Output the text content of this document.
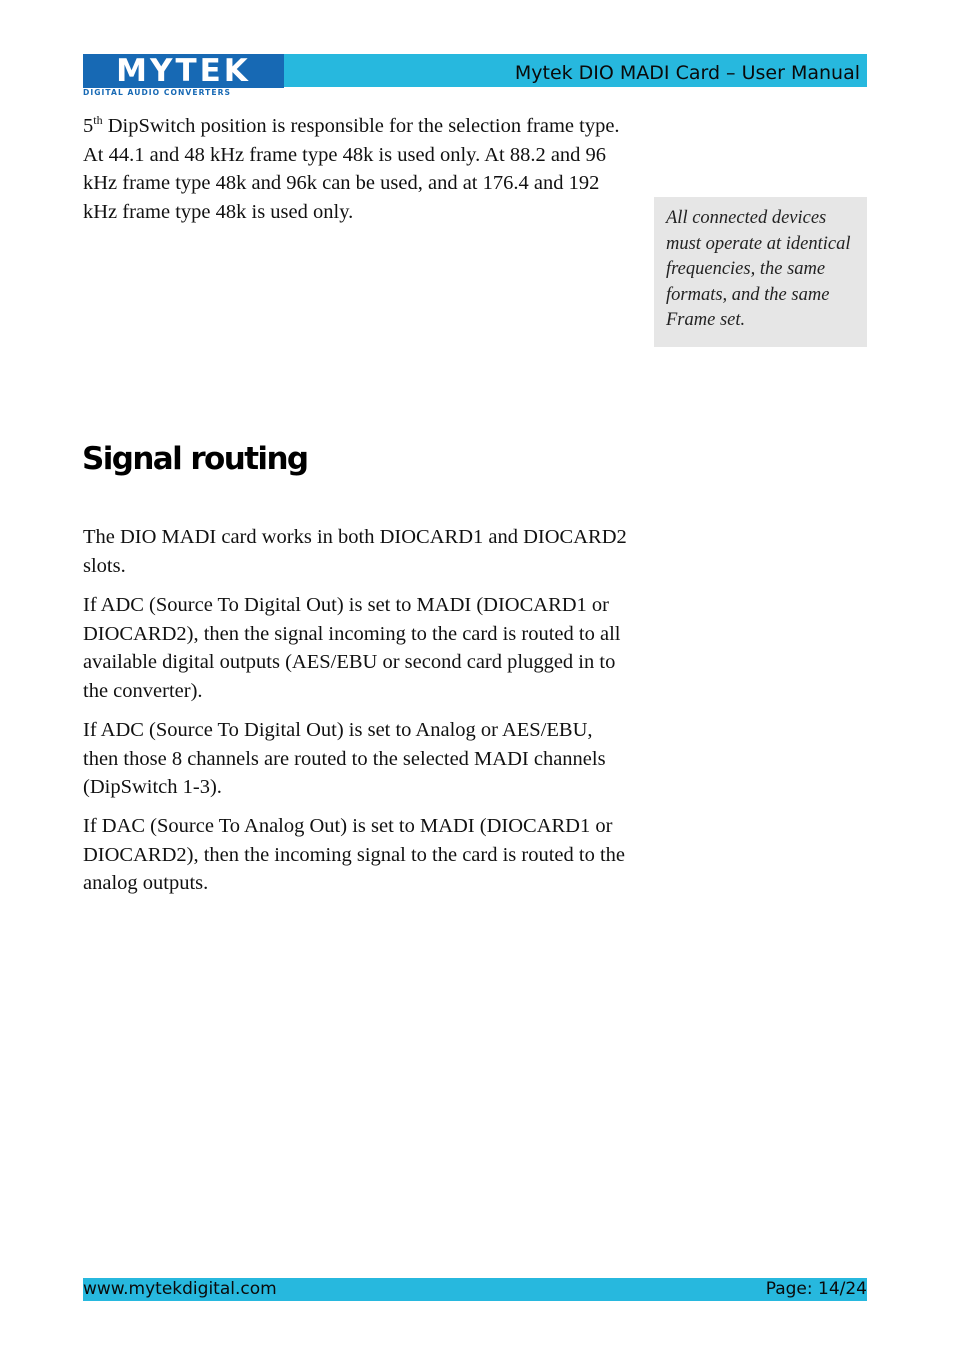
MYTEK
DIGITAL AUDIO CONVERTERS
Mytek DIO MADI Card – User Manual

5th DipSwitch position is responsible for the selection frame type. At 44.1 and 48 kHz frame type 48k is used only. At 88.2 and 96 kHz frame type 48k and 96k can be used, and at 176.4 and 192 kHz frame type 48k is used only.	All connected devices must operate at identical frequencies, the same formats, and the same Frame set.
Signal routing

The DIO MADI card works in both DIOCARD1 and DIOCARD2 slots.

If ADC (Source To Digital Out) is set to MADI (DIOCARD1 or DIOCARD2), then the signal incoming to the card is routed to all available digital outputs (AES/EBU or second card plugged in to the converter).

If ADC (Source To Digital Out) is set to Analog or AES/EBU, then those 8 channels are routed to the selected MADI channels (DipSwitch 1-3).

If DAC (Source To Analog Out) is set to MADI (DIOCARD1 or DIOCARD2), then the incoming signal to the card is routed to the analog outputs.

www.mytekdigital.com	Page: 14/24
